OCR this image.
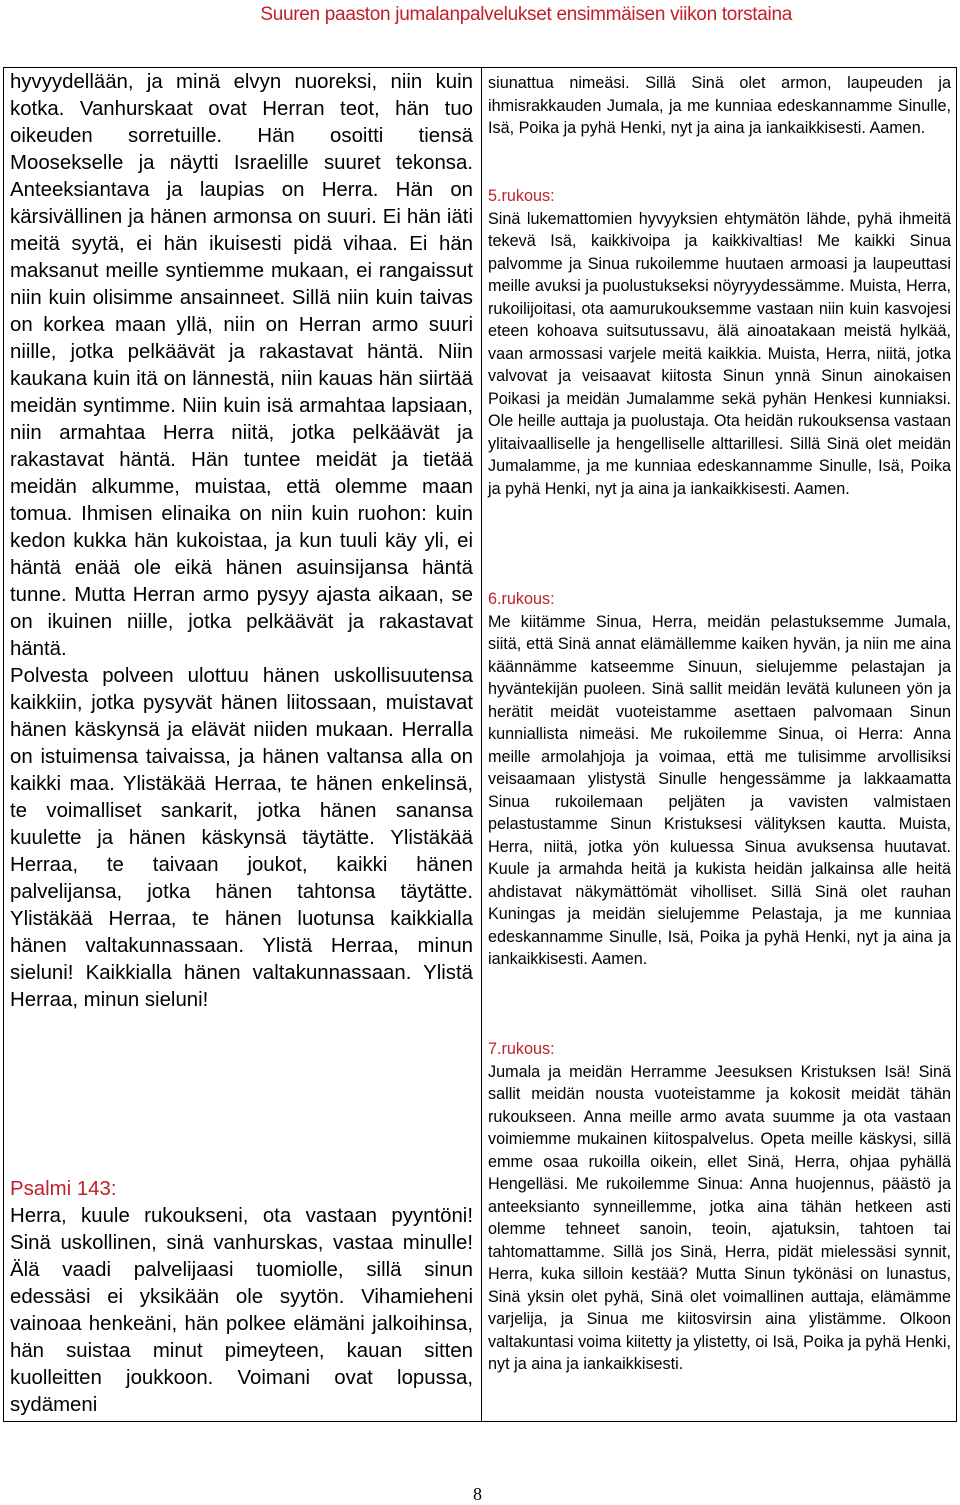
Suuren paaston jumalanpalvelukset ensimmäisen viikon torstaina

hyvyydellään, ja minä elvyn nuoreksi, niin kuin kotka. Vanhurskaat ovat Herran teot, hän tuo oikeuden sorretuille. Hän osoitti tiensä Moosekselle ja näytti Israelille suuret tekonsa. Anteeksiantava ja laupias on Herra. Hän on kärsivällinen ja hänen armonsa on suuri. Ei hän iäti meitä syytä, ei hän ikuisesti pidä vihaa. Ei hän maksanut meille syntiemme mukaan, ei rangaissut niin kuin olisimme ansainneet. Sillä niin kuin taivas on korkea maan yllä, niin on Herran armo suuri niille, jotka pelkäävät ja rakastavat häntä. Niin kaukana kuin itä on lännestä, niin kauas hän siirtää meidän syntimme. Niin kuin isä armahtaa lapsiaan, niin armahtaa Herra niitä, jotka pelkäävät ja rakastavat häntä. Hän tuntee meidät ja tietää meidän alkumme, muistaa, että olemme maan tomua. Ihmisen elinaika on niin kuin ruohon: kuin kedon kukka hän kukoistaa, ja kun tuuli käy yli, ei häntä enää ole eikä hänen asuinsijansa häntä tunne. Mutta Herran armo pysyy ajasta aikaan, se on ikuinen niille, jotka pelkäävät ja rakastavat häntä.

Polvesta polveen ulottuu hänen uskollisuutensa kaikkiin, jotka pysyvät hänen liitossaan, muistavat hänen käskynsä ja elävät niiden mukaan. Herralla on istuimensa taivaissa, ja hänen valtansa alla on kaikki maa. Ylistäkää Herraa, te hänen enkelinsä, te voimalliset sankarit, jotka hänen sanansa kuulette ja hänen käskynsä täytätte. Ylistäkää Herraa, te taivaan joukot, kaikki hänen palvelijansa, jotka hänen tahtonsa täytätte. Ylistäkää Herraa, te hänen luotunsa kaikkialla hänen valtakunnassaan. Ylistä Herraa, minun sieluni! Kaikkialla hänen valtakunnassaan. Ylistä Herraa, minun sieluni!

Psalmi 143:

Herra, kuule rukoukseni, ota vastaan pyyntöni! Sinä uskollinen, sinä vanhurskas, vastaa minulle! Älä vaadi palvelijaasi tuomiolle, sillä sinun edessäsi ei yksikään ole syytön. Vihamieheni vainoaa henkeäni, hän polkee elämäni jalkoihinsa, hän suistaa minut pimeyteen, kauan sitten kuolleitten joukkoon. Voimani ovat lopussa, sydämeni

siunattua nimeäsi. Sillä Sinä olet armon, laupeuden ja ihmisrakkauden Jumala, ja me kunniaa edeskannamme Sinulle, Isä, Poika ja pyhä Henki, nyt ja aina ja iankaikkisesti. Aamen.

5.rukous:

Sinä lukemattomien hyvyyksien ehtymätön lähde, pyhä ihmeitä tekevä Isä, kaikkivoipa ja kaikkivaltias! Me kaikki Sinua palvomme ja Sinua rukoilemme huutaen armoasi ja laupeuttasi meille avuksi ja puolustukseksi nöyryydessämme. Muista, Herra, rukoilijoitasi, ota aamurukouksemme vastaan niin kuin kasvojesi eteen kohoava suitsutussavu, älä ainoatakaan meistä hylkää, vaan armossasi varjele meitä kaikkia. Muista, Herra, niitä, jotka valvovat ja veisaavat kiitosta Sinun ynnä Sinun ainokaisen Poikasi ja meidän Jumalamme sekä pyhän Henkesi kunniaksi. Ole heille auttaja ja puolustaja. Ota heidän rukouksensa vastaan ylitaivaalliselle ja hengelliselle alttarillesi. Sillä Sinä olet meidän Jumalamme, ja me kunniaa edeskannamme Sinulle, Isä, Poika ja pyhä Henki, nyt ja aina ja iankaikkisesti. Aamen.

6.rukous:

Me kiitämme Sinua, Herra, meidän pelastuksemme Jumala, siitä, että Sinä annat elämällemme kaiken hyvän, ja niin me aina käännämme katseemme Sinuun, sielujemme pelastajan ja hyväntekijän puoleen. Sinä sallit meidän levätä kuluneen yön ja herätit meidät vuoteistamme asettaen palvomaan Sinun kunniallista nimeäsi. Me rukoilemme Sinua, oi Herra: Anna meille armolahjoja ja voimaa, että me tulisimme arvollisiksi veisaamaan ylistystä Sinulle hengessämme ja lakkaamatta Sinua rukoilemaan peljäten ja vavisten valmistaen pelastustamme Sinun Kristuksesi välityksen kautta. Muista, Herra, niitä, jotka yön kuluessa Sinua avuksensa huutavat. Kuule ja armahda heitä ja kukista heidän jalkainsa alle heitä ahdistavat näkymättömät viholliset. Sillä Sinä olet rauhan Kuningas ja meidän sielujemme Pelastaja, ja me kunniaa edeskannamme Sinulle, Isä, Poika ja pyhä Henki, nyt ja aina ja iankaikkisesti. Aamen.

7.rukous:

Jumala ja meidän Herramme Jeesuksen Kristuksen Isä! Sinä sallit meidän nousta vuoteistamme ja kokosit meidät tähän rukoukseen. Anna meille armo avata suumme ja ota vastaan voimiemme mukainen kiitospalvelus. Opeta meille käskysi, sillä emme osaa rukoilla oikein, ellet Sinä, Herra, ohjaa pyhällä Hengelläsi. Me rukoilemme Sinua: Anna huojennus, päästö ja anteeksianto synneillemme, jotka aina tähän hetkeen asti olemme tehneet sanoin, teoin, ajatuksin, tahtoen tai tahtomattamme. Sillä jos Sinä, Herra, pidät mielessäsi synnit, Herra, kuka silloin kestää? Mutta Sinun tykönäsi on lunastus, Sinä yksin olet pyhä, Sinä olet voimallinen auttaja, elämämme varjelija, ja Sinua me kiitosvirsin aina ylistämme. Olkoon valtakuntasi voima kiitetty ja ylistetty, oi Isä, Poika ja pyhä Henki, nyt ja aina ja iankaikkisesti.

8
